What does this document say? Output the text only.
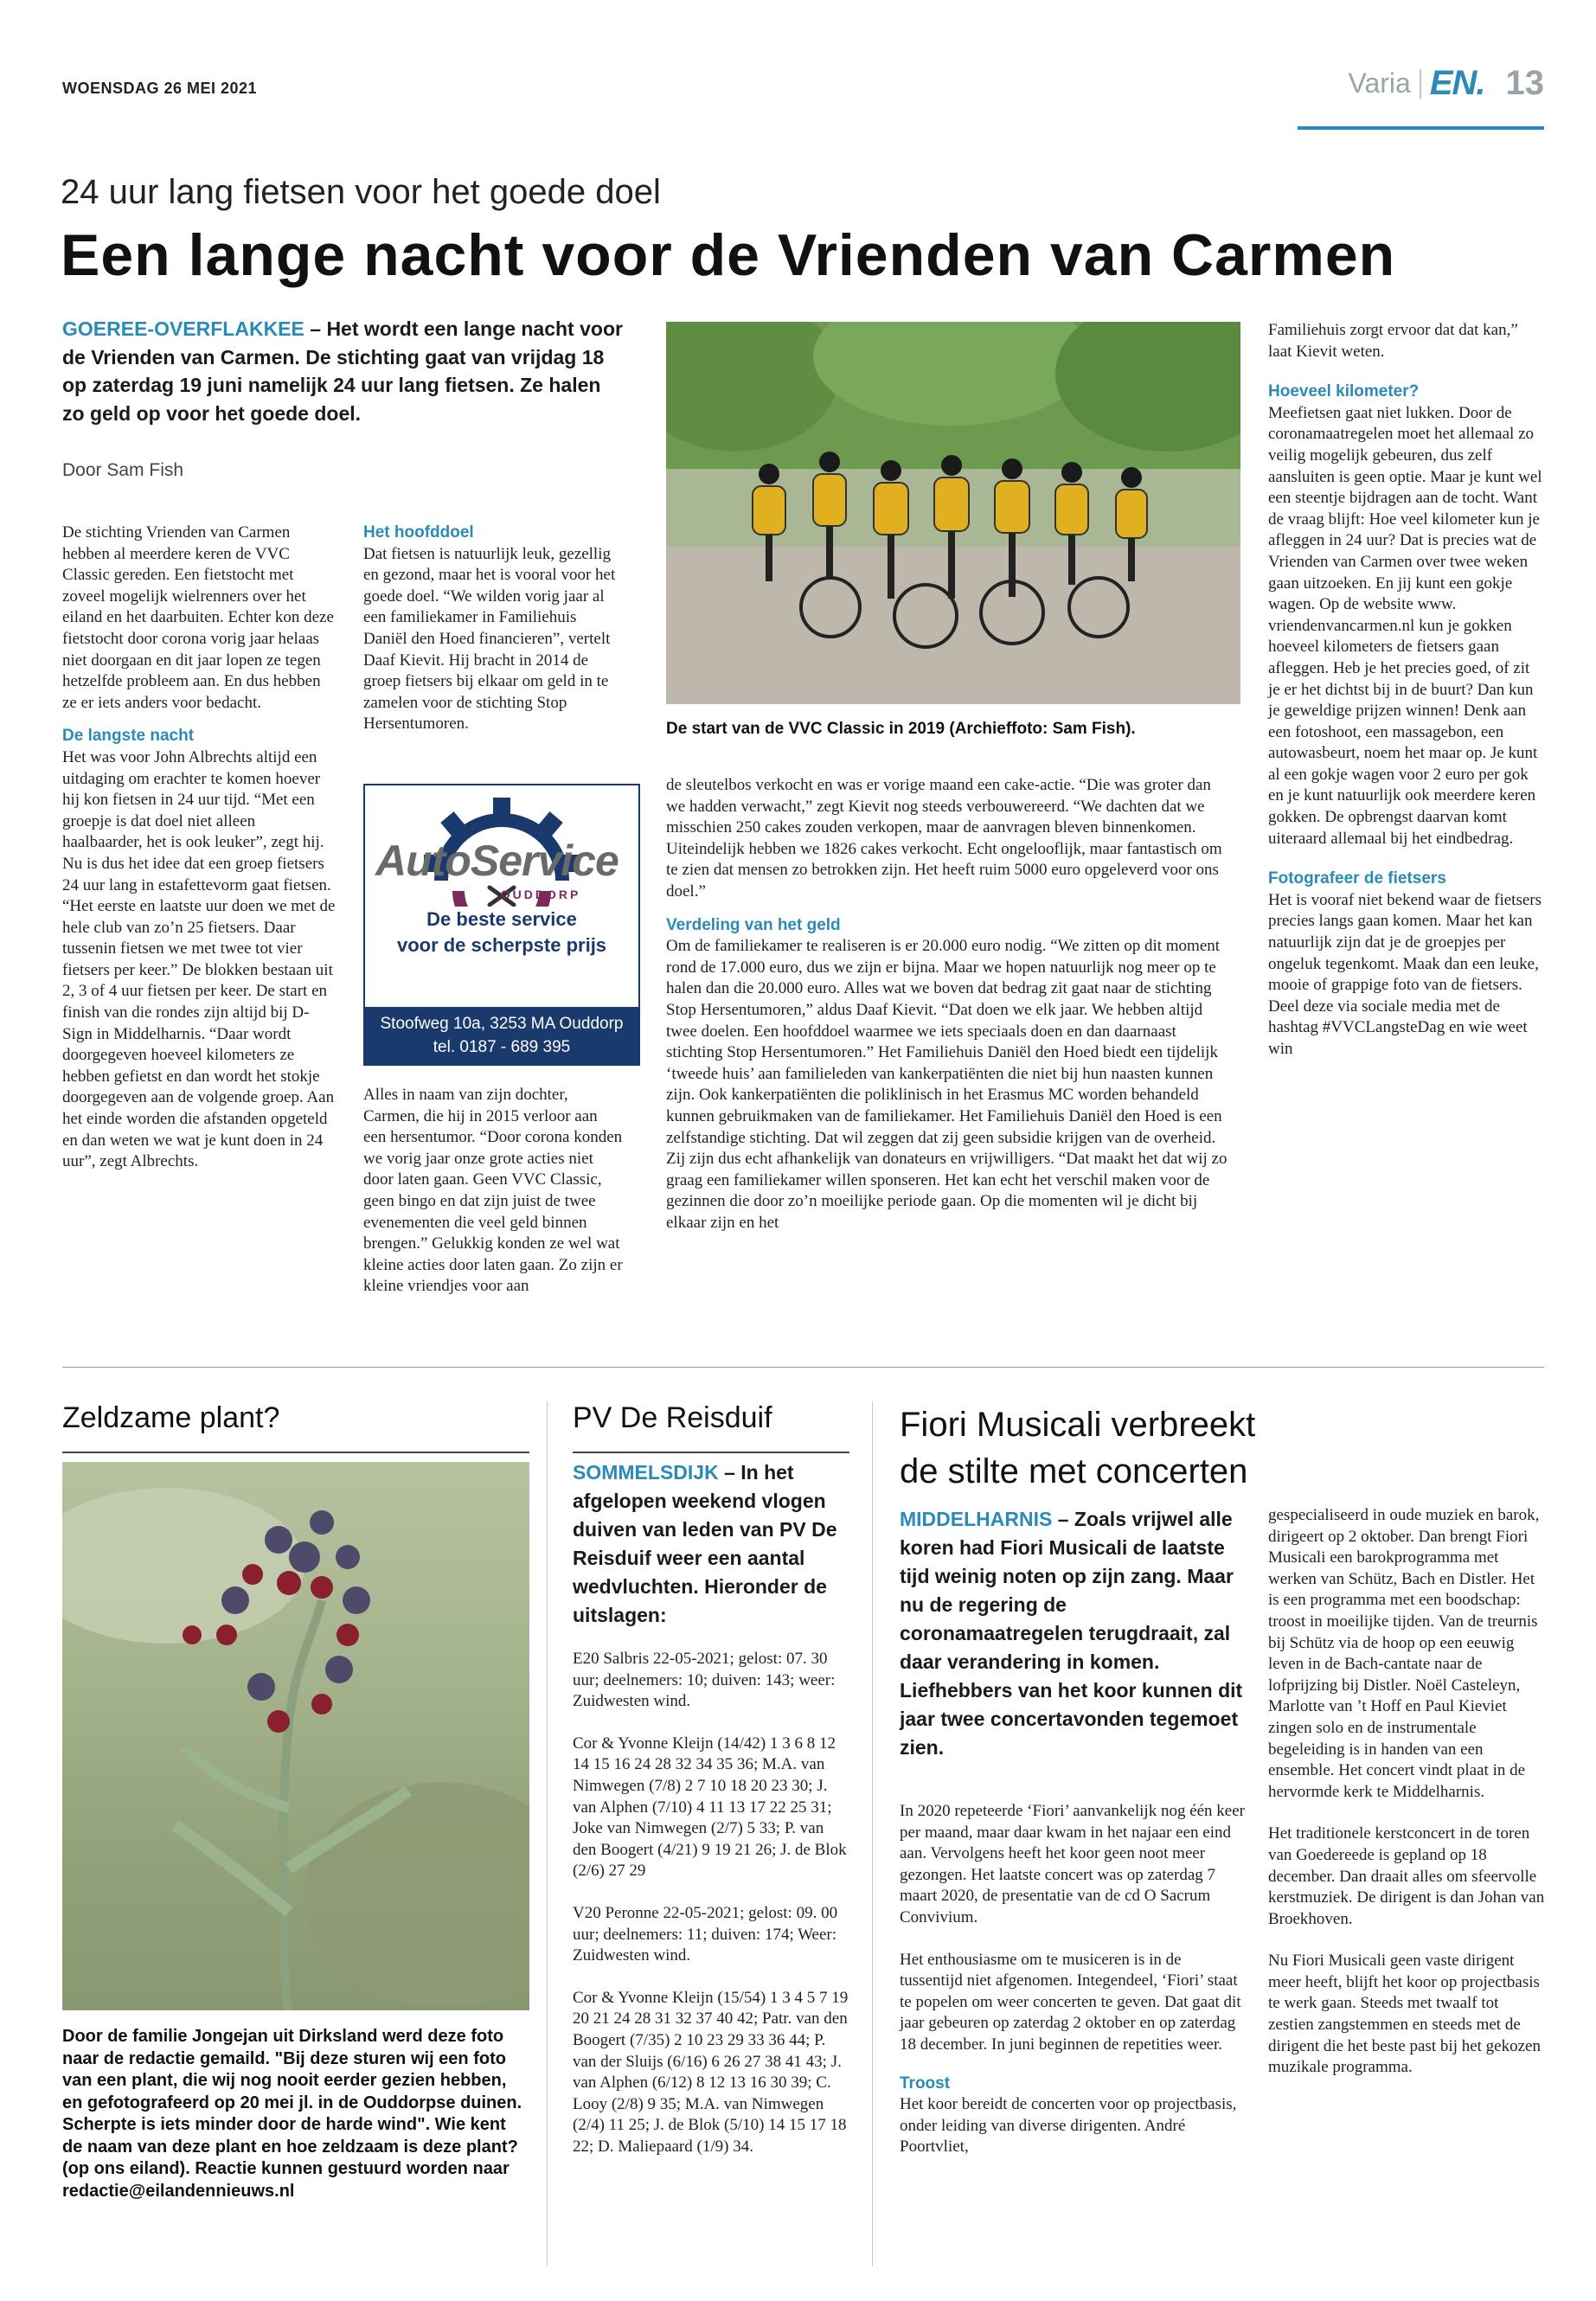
WOENSDAG 26 MEI 2021	Varia EN. 13
24 uur lang fietsen voor het goede doel
Een lange nacht voor de Vrienden van Carmen
GOEREE-OVERFLAKKEE – Het wordt een lange nacht voor de Vrienden van Carmen. De stichting gaat van vrijdag 18 op zaterdag 19 juni namelijk 24 uur lang fietsen. Ze halen zo geld op voor het goede doel.
Door Sam Fish

De stichting Vrienden van Carmen hebben al meerdere keren de VVC Classic gereden. Een fietstocht met zoveel mogelijk wielrenners over het eiland en het daarbuiten. Echter kon deze fietstocht door corona vorig jaar helaas niet doorgaan en dit jaar lopen ze tegen hetzelfde probleem aan. En dus hebben ze er iets anders voor bedacht.

De langste nacht

Het was voor John Albrechts altijd een uitdaging om erachter te komen hoever hij kon fietsen in 24 uur tijd. “Met een groepje is dat doel niet alleen haalbaarder, het is ook leuker”, zegt hij. Nu is dus het idee dat een groep fietsers 24 uur lang in estafettevorm gaat fietsen. “Het eerste en laatste uur doen we met de hele club van zo’n 25 fietsers. Daar tussenin fietsen we met twee tot vier fietsers per keer.” De blokken bestaan uit 2, 3 of 4 uur fietsen per keer. De start en finish van die rondes zijn altijd bij D-Sign in Middelharnis. “Daar wordt doorgegeven hoeveel kilometers ze hebben gefietst en dan wordt het stokje doorgegeven aan de volgende groep. Aan het einde worden die afstanden opgeteld en dan weten we wat je kunt doen in 24 uur”, zegt Albrechts.

Het hoofddoel

Dat fietsen is natuurlijk leuk, gezellig en gezond, maar het is vooral voor het goede doel. “We wilden vorig jaar al een familiekamer in Familiehuis Daniël den Hoed financieren”, vertelt Daaf Kievit. Hij bracht in 2014 de groep fietsers bij elkaar om geld in te zamelen voor de stichting Stop Hersentumoren.

AutoService
OUDDORP
De beste service
voor de scherpste prijs
Stoofweg 10a, 3253 MA Ouddorp
tel. 0187 - 689 395

Alles in naam van zijn dochter, Carmen, die hij in 2015 verloor aan een hersentumor. “Door corona konden we vorig jaar onze grote acties niet door laten gaan. Geen VVC Classic, geen bingo en dat zijn juist de twee evenementen die veel geld binnen brengen.” Gelukkig konden ze wel wat kleine acties door laten gaan. Zo zijn er kleine vriendjes voor aan

De start van de VVC Classic in 2019 (Archieffoto: Sam Fish).

de sleutelbos verkocht en was er vorige maand een cake-actie. “Die was groter dan we hadden verwacht,” zegt Kievit nog steeds verbouwereerd. “We dachten dat we misschien 250 cakes zouden verkopen, maar de aanvragen bleven binnenkomen. Uiteindelijk hebben we 1826 cakes verkocht. Echt ongelooflijk, maar fantastisch om te zien dat mensen zo betrokken zijn. Het heeft ruim 5000 euro opgeleverd voor ons doel.”

Verdeling van het geld

Om de familiekamer te realiseren is er 20.000 euro nodig. “We zitten op dit moment rond de 17.000 euro, dus we zijn er bijna. Maar we hopen natuurlijk nog meer op te halen dan die 20.000 euro. Alles wat we boven dat bedrag zit gaat naar de stichting Stop Hersentumoren,” aldus Daaf Kievit. “Dat doen we elk jaar. We hebben altijd twee doelen. Een hoofddoel waarmee we iets speciaals doen en dan daarnaast stichting Stop Hersentumoren.” Het Familiehuis Daniël den Hoed biedt een tijdelijk ‘tweede huis’ aan familieleden van kankerpatiënten die niet bij hun naasten kunnen zijn. Ook kankerpatiënten die poliklinisch in het Erasmus MC worden behandeld kunnen gebruikmaken van de familiekamer. Het Familiehuis Daniël den Hoed is een zelfstandige stichting. Dat wil zeggen dat zij geen subsidie krijgen van de overheid. Zij zijn dus echt afhankelijk van donateurs en vrijwilligers. “Dat maakt het dat wij zo graag een familiekamer willen sponseren. Het kan echt het verschil maken voor de gezinnen die door zo’n moeilijke periode gaan. Op die momenten wil je dicht bij elkaar zijn en het

Familiehuis zorgt ervoor dat dat kan,” laat Kievit weten.

Hoeveel kilometer?

Meefietsen gaat niet lukken. Door de coronamaatregelen moet het allemaal zo veilig mogelijk gebeuren, dus zelf aansluiten is geen optie. Maar je kunt wel een steentje bijdragen aan de tocht. Want de vraag blijft: Hoe veel kilometer kun je afleggen in 24 uur? Dat is precies wat de Vrienden van Carmen over twee weken gaan uitzoeken. En jij kunt een gokje wagen. Op de website www. vriendenvancarmen.nl kun je gokken hoeveel kilometers de fietsers gaan afleggen. Heb je het precies goed, of zit je er het dichtst bij in de buurt? Dan kun je geweldige prijzen winnen! Denk aan een fotoshoot, een massagebon, een autowasbeurt, noem het maar op. Je kunt al een gokje wagen voor 2 euro per gok en je kunt natuurlijk ook meerdere keren gokken. De opbrengst daarvan komt uiteraard allemaal bij het eindbedrag.

Fotografeer de fietsers

Het is vooraf niet bekend waar de fietsers precies langs gaan komen. Maar het kan natuurlijk zijn dat je de groepjes per ongeluk tegenkomt. Maak dan een leuke, mooie of grappige foto van de fietsers. Deel deze via sociale media met de hashtag #VVCLangsteDag en wie weet win

Zeldzame plant?
Door de familie Jongejan uit Dirksland werd deze foto naar de redactie gemaild. "Bij deze sturen wij een foto van een plant, die wij nog nooit eerder gezien hebben, en gefotografeerd op 20 mei jl. in de Ouddorpse duinen. Scherpte is iets minder door de harde wind". Wie kent de naam van deze plant en hoe zeldzaam is deze plant? (op ons eiland). Reactie kunnen gestuurd worden naar redactie@eilandennieuws.nl
PV De Reisduif
SOMMELSDIJK – In het afgelopen weekend vlogen duiven van leden van PV De Reisduif weer een aantal wedvluchten. Hieronder de uitslagen:

E20 Salbris 22-05-2021; gelost: 07. 30 uur; deelnemers: 10; duiven: 143; weer: Zuidwesten wind.

Cor & Yvonne Kleijn (14/42) 1 3 6 8 12 14 15 16 24 28 32 34 35 36; M.A. van Nimwegen (7/8) 2 7 10 18 20 23 30; J. van Alphen (7/10) 4 11 13 17 22 25 31; Joke van Nimwegen (2/7) 5 33; P. van den Boogert (4/21) 9 19 21 26; J. de Blok (2/6) 27 29

V20 Peronne 22-05-2021; gelost: 09. 00 uur; deelnemers: 11; duiven: 174; Weer: Zuidwesten wind.

Cor & Yvonne Kleijn (15/54) 1 3 4 5 7 19 20 21 24 28 31 32 37 40 42; Patr. van den Boogert (7/35) 2 10 23 29 33 36 44; P. van der Sluijs (6/16) 6 26 27 38 41 43; J. van Alphen (6/12) 8 12 13 16 30 39; C. Looy (2/8) 9 35; M.A. van Nimwegen (2/4) 11 25; J. de Blok (5/10) 14 15 17 18 22; D. Maliepaard (1/9) 34.

Fiori Musicali verbreekt
de stilte met concerten
MIDDELHARNIS – Zoals vrijwel alle koren had Fiori Musicali de laatste tijd weinig noten op zijn zang. Maar nu de regering de coronamaatregelen terugdraait, zal daar verandering in komen. Liefhebbers van het koor kunnen dit jaar twee concertavonden tegemoet zien.

In 2020 repeteerde ‘Fiori’ aanvankelijk nog één keer per maand, maar daar kwam in het najaar een eind aan. Vervolgens heeft het koor geen noot meer gezongen. Het laatste concert was op zaterdag 7 maart 2020, de presentatie van de cd O Sacrum Convivium.

Het enthousiasme om te musiceren is in de tussentijd niet afgenomen. Integendeel, ‘Fiori’ staat te popelen om weer concerten te geven. Dat gaat dit jaar gebeuren op zaterdag 2 oktober en op zaterdag 18 december. In juni beginnen de repetities weer.

Troost

Het koor bereidt de concerten voor op projectbasis, onder leiding van diverse dirigenten. André Poortvliet,

gespecialiseerd in oude muziek en barok, dirigeert op 2 oktober. Dan brengt Fiori Musicali een barokprogramma met werken van Schütz, Bach en Distler. Het is een programma met een boodschap: troost in moeilijke tijden. Van de treurnis bij Schütz via de hoop op een eeuwig leven in de Bach-cantate naar de lofprijzing bij Distler. Noël Casteleyn, Marlotte van ’t Hoff en Paul Kieviet zingen solo en de instrumentale begeleiding is in handen van een ensemble. Het concert vindt plaat in de hervormde kerk te Middelharnis.

Het traditionele kerstconcert in de toren van Goedereede is gepland op 18 december. Dan draait alles om sfeervolle kerstmuziek. De dirigent is dan Johan van Broekhoven.

Nu Fiori Musicali geen vaste dirigent meer heeft, blijft het koor op projectbasis te werk gaan. Steeds met twaalf tot zestien zangstemmen en steeds met de dirigent die het beste past bij het gekozen muzikale programma.
